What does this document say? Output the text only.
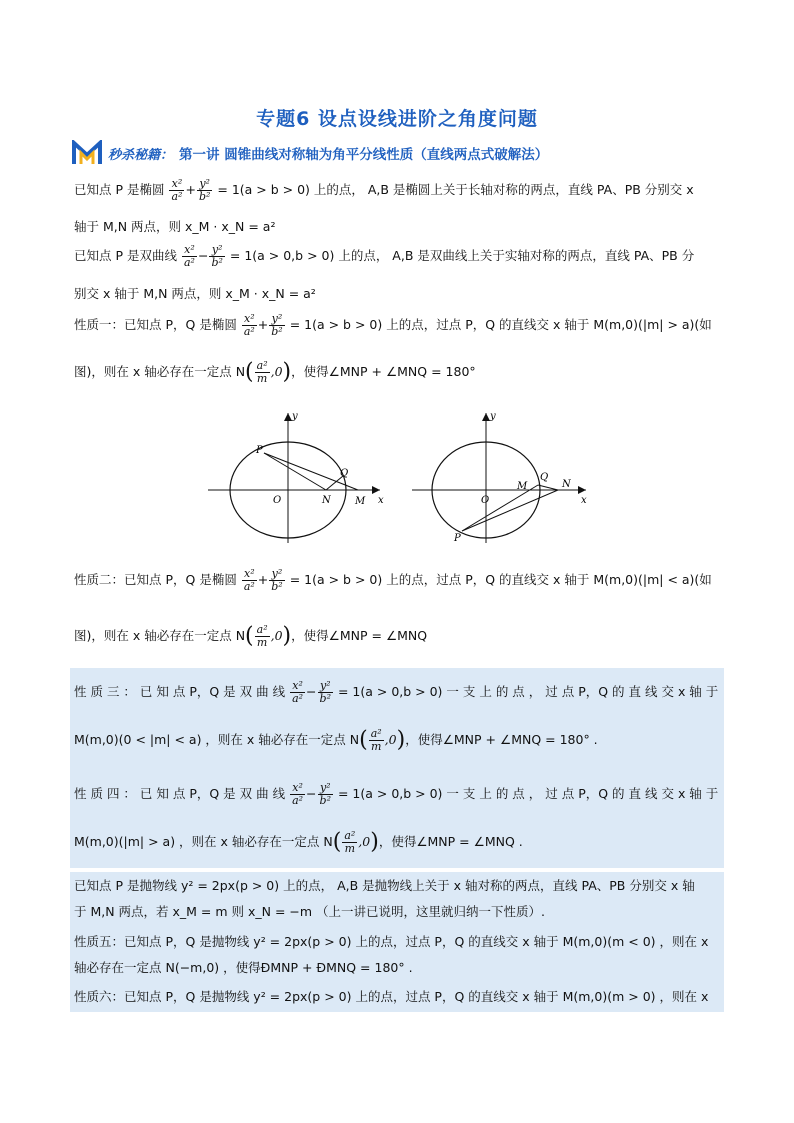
专题6 设点设线进阶之角度问题
秒杀秘籍： 第一讲 圆锥曲线对称轴为角平分线性质（直线两点式破解法）
已知点 P 是椭圆 $\frac{\text{x²}}{\text{a²}} + \frac{\text{y²}}{\text{b²}} = 1(a > b > 0)$ 上的点， A,B 是椭圆上关于长轴对称的两点，直线 PA、PB 分别交 x
轴于 M,N 两点，则 x_M · x_N = a²
已知点 P 是双曲线 $\frac{\text{x²}}{\text{a²}} - \frac{\text{y²}}{\text{b²}} = 1(a > 0,b > 0)$ 上的点， A,B 是双曲线上关于实轴对称的两点，直线 PA、PB 分
别交 x 轴于 M,N 两点，则 x_M · x_N = a²
性质一：已知点 P，Q 是椭圆 $\frac{\text{x²}}{\text{a²}} + \frac{\text{y²}}{\text{b²}} = 1(a > b > 0)$ 上的点，过点 P，Q 的直线交 x 轴于 M(m,0)(|m| > a)(如
图)，则在 x 轴必存在一定点 $N( \frac{\text{a²}}{m} ,0)$，使得∠MNP + ∠MNQ = 180°
y
x
O
P
Q
N M
y
x
O
P
Q
M	N
性质二：已知点 P，Q 是椭圆 $\frac{\text{x²}}{\text{a²}} + \frac{\text{y²}}{\text{b²}} = 1(a > b > 0)$ 上的点，过点 P，Q 的直线交 x 轴于 M(m,0)(|m| < a)(如
图)，则在 x 轴必存在一定点 $N( \frac{\text{a²}}{m} ,0)$，使得∠MNP = ∠MNQ
性 质 三 ： 已 知 点 P，Q 是 双 曲 线 $\frac{\text{x²}}{\text{a²}} - \frac{\text{y²}}{\text{b²}} = 1(a > 0,b > 0)$ 一 支 上 的 点 ， 过 点 P，Q 的 直 线 交 x 轴 于
M(m,0)(0 < |m| < a) ，则在 x 轴必存在一定点 $N( \frac{\text{a²}}{m} ,0)$，使得∠MNP + ∠MNQ = 180° .
性 质 四 ： 已 知 点 P，Q 是 双 曲 线 $\frac{\text{x²}}{\text{a²}} - \frac{\text{y²}}{\text{b²}} = 1(a > 0,b > 0)$ 一 支 上 的 点 ， 过 点 P，Q 的 直 线 交 x 轴 于
M(m,0)(|m| > a) ，则在 x 轴必存在一定点 $N( \frac{\text{a²}}{m} ,0)$，使得∠MNP = ∠MNQ .
已知点 P 是抛物线 y² = 2px(p > 0) 上的点， A,B 是抛物线上关于 x 轴对称的两点，直线 PA、PB 分别交 x 轴
于 M,N 两点，若 x_M = m 则 x_N = −m （上一讲已说明，这里就归纳一下性质）.
性质五：已知点 P，Q 是抛物线 y² = 2px(p > 0) 上的点，过点 P，Q 的直线交 x 轴于 M(m,0)(m < 0) ，则在 x
轴必存在一定点 N(−m,0) ，使得ÐMNP + ÐMNQ = 180° .
性质六：已知点 P，Q 是抛物线 y² = 2px(p > 0) 上的点，过点 P，Q 的直线交 x 轴于 M(m,0)(m > 0) ，则在 x
